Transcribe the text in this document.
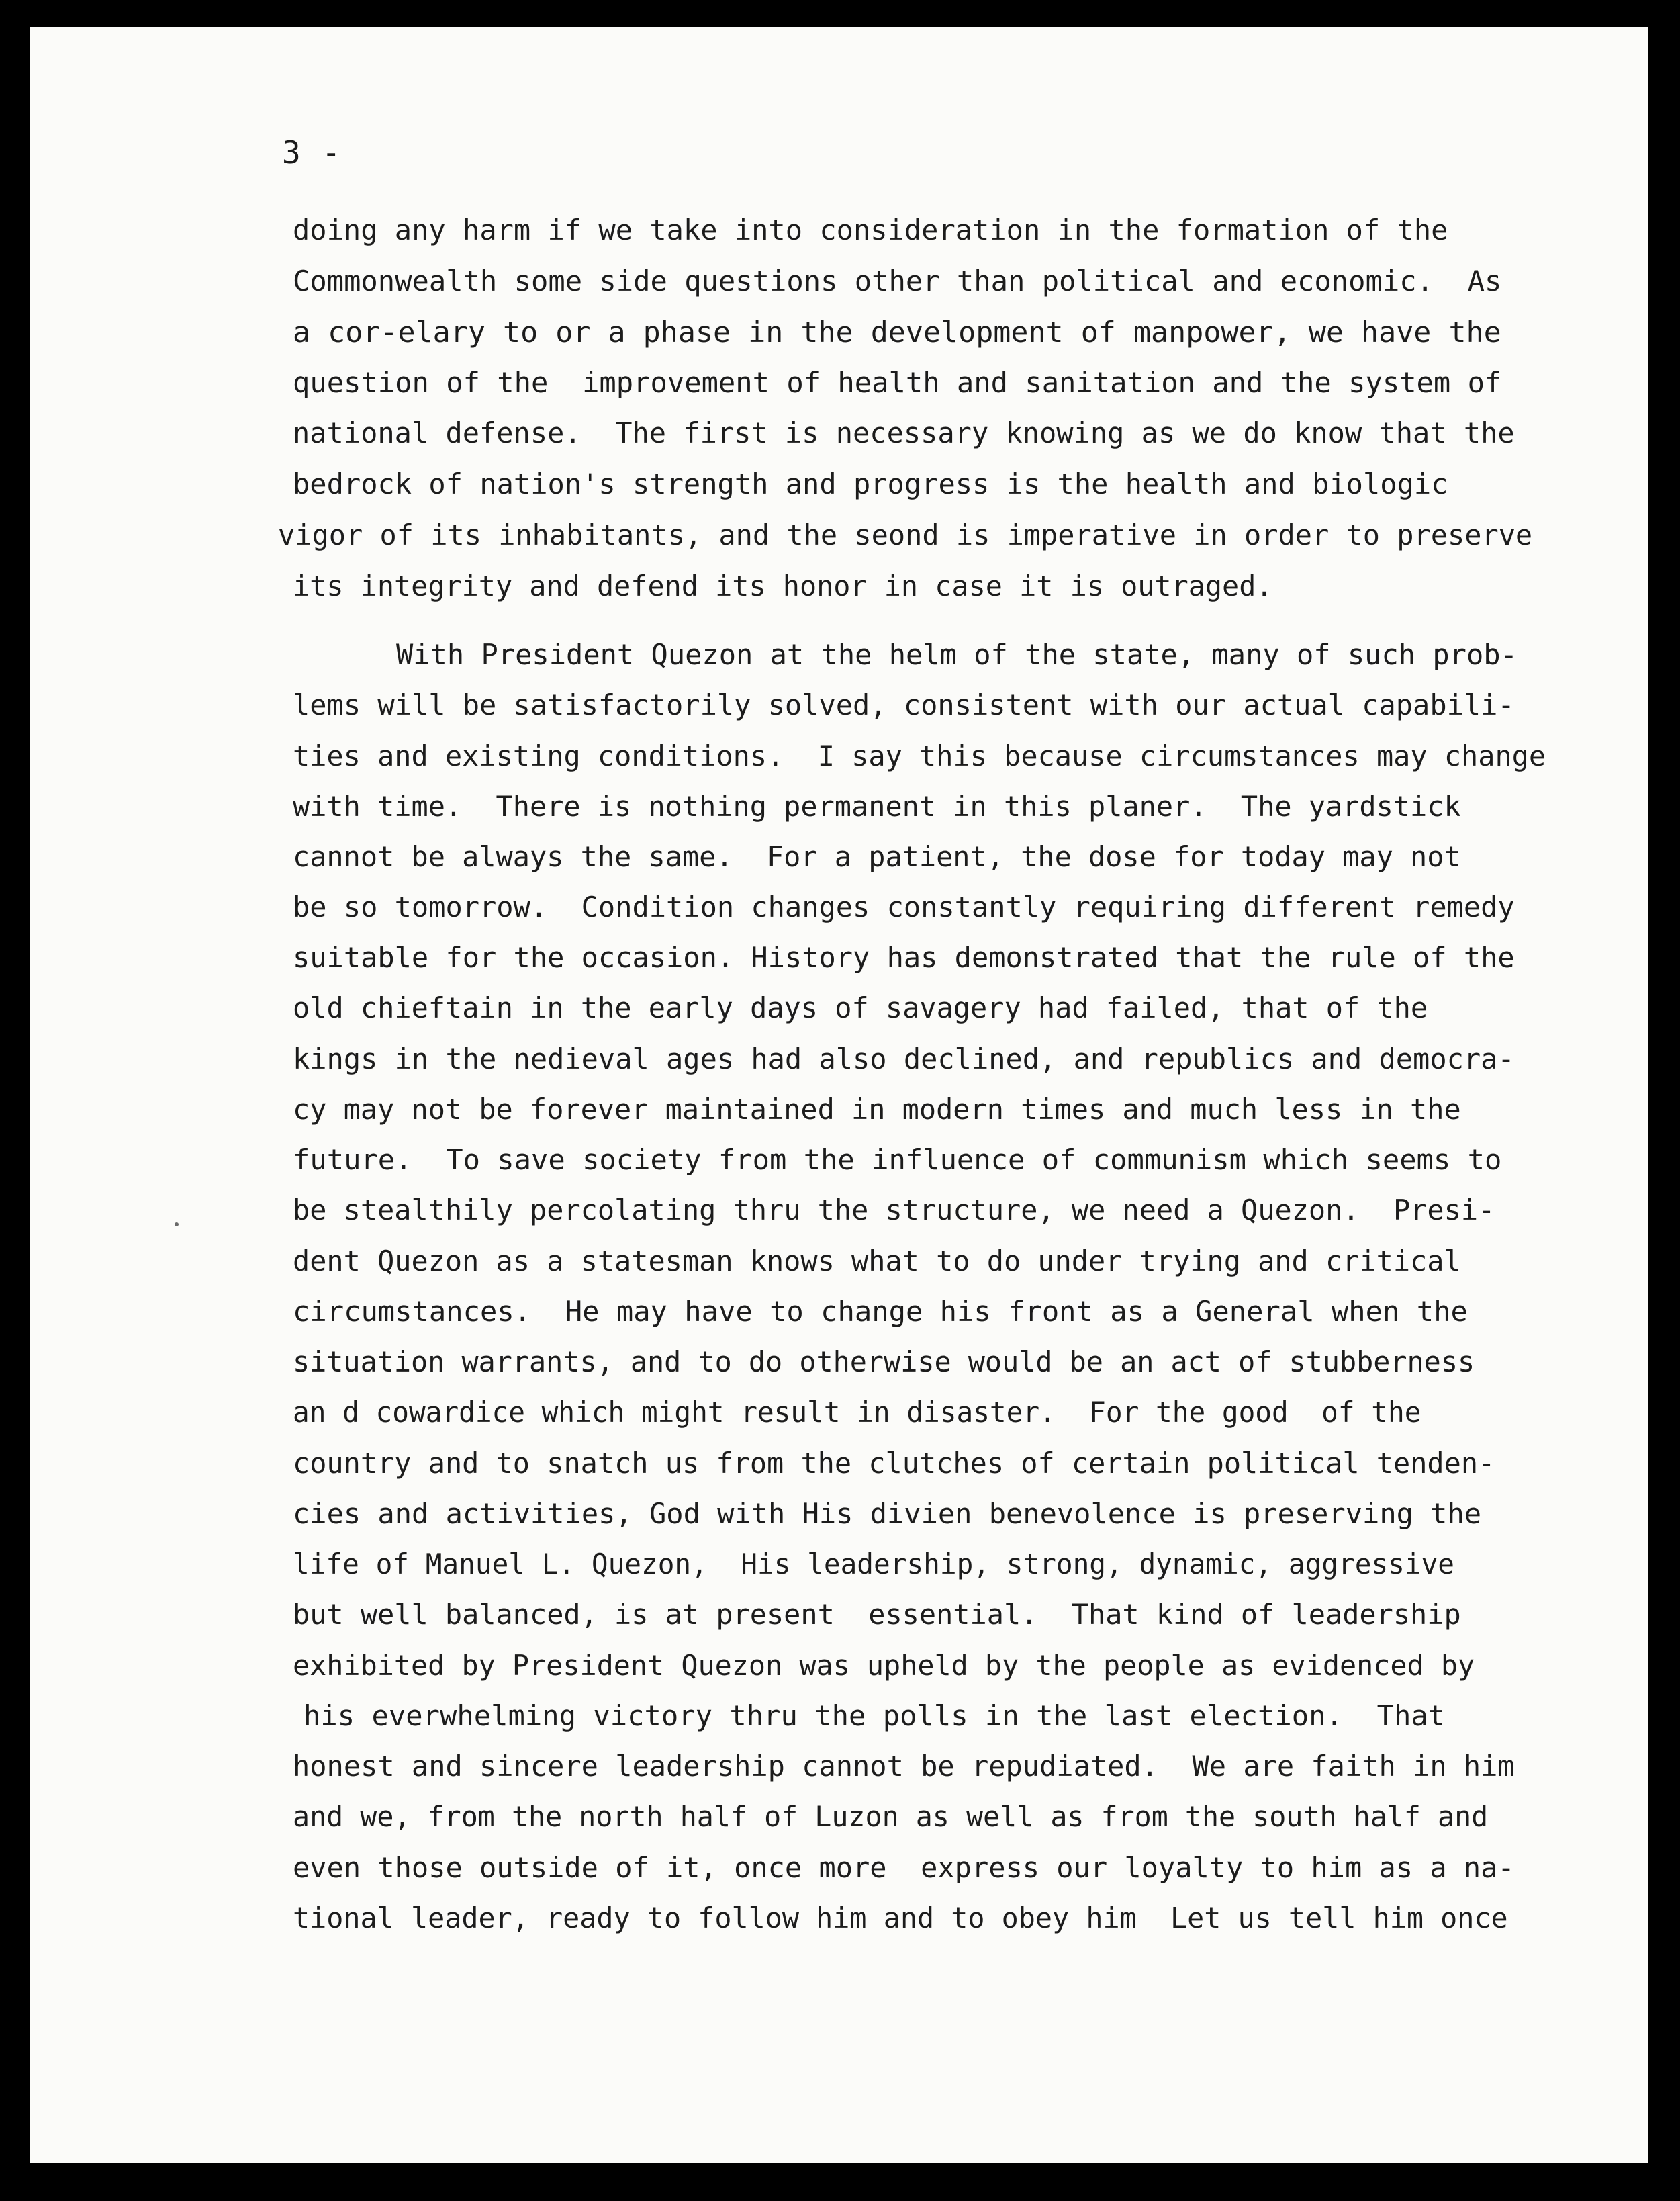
3 -
doing any harm if we take into consideration in the formation of the
Commonwealth some side questions other than political and economic.  As
a cor-elary to or a phase in the development of manpower, we have the
question of the  improvement of health and sanitation and the system of
national defense.  The first is necessary knowing as we do know that the
bedrock of nation's strength and progress is the health and biologic
vigor of its inhabitants, and the seond is imperative in order to preserve
its integrity and defend its honor in case it is outraged.
With President Quezon at the helm of the state, many of such prob-
lems will be satisfactorily solved, consistent with our actual capabili-
ties and existing conditions.  I say this because circumstances may change
with time.  There is nothing permanent in this planer.  The yardstick
cannot be always the same.  For a patient, the dose for today may not
be so tomorrow.  Condition changes constantly requiring different remedy
suitable for the occasion. History has demonstrated that the rule of the
old chieftain in the early days of savagery had failed, that of the
kings in the nedieval ages had also declined, and republics and democra-
cy may not be forever maintained in modern times and much less in the
future.  To save society from the influence of communism which seems to
be stealthily percolating thru the structure, we need a Quezon.  Presi-
dent Quezon as a statesman knows what to do under trying and critical
circumstances.  He may have to change his front as a General when the
situation warrants, and to do otherwise would be an act of stubberness
an d cowardice which might result in disaster.  For the good  of the
country and to snatch us from the clutches of certain political tenden-
cies and activities, God with His divien benevolence is preserving the
life of Manuel L. Quezon,  His leadership, strong, dynamic, aggressive
but well balanced, is at present  essential.  That kind of leadership
exhibited by President Quezon was upheld by the people as evidenced by
his everwhelming victory thru the polls in the last election.  That
honest and sincere leadership cannot be repudiated.  We are faith in him
and we, from the north half of Luzon as well as from the south half and
even those outside of it, once more  express our loyalty to him as a na-
tional leader, ready to follow him and to obey him  Let us tell him once
